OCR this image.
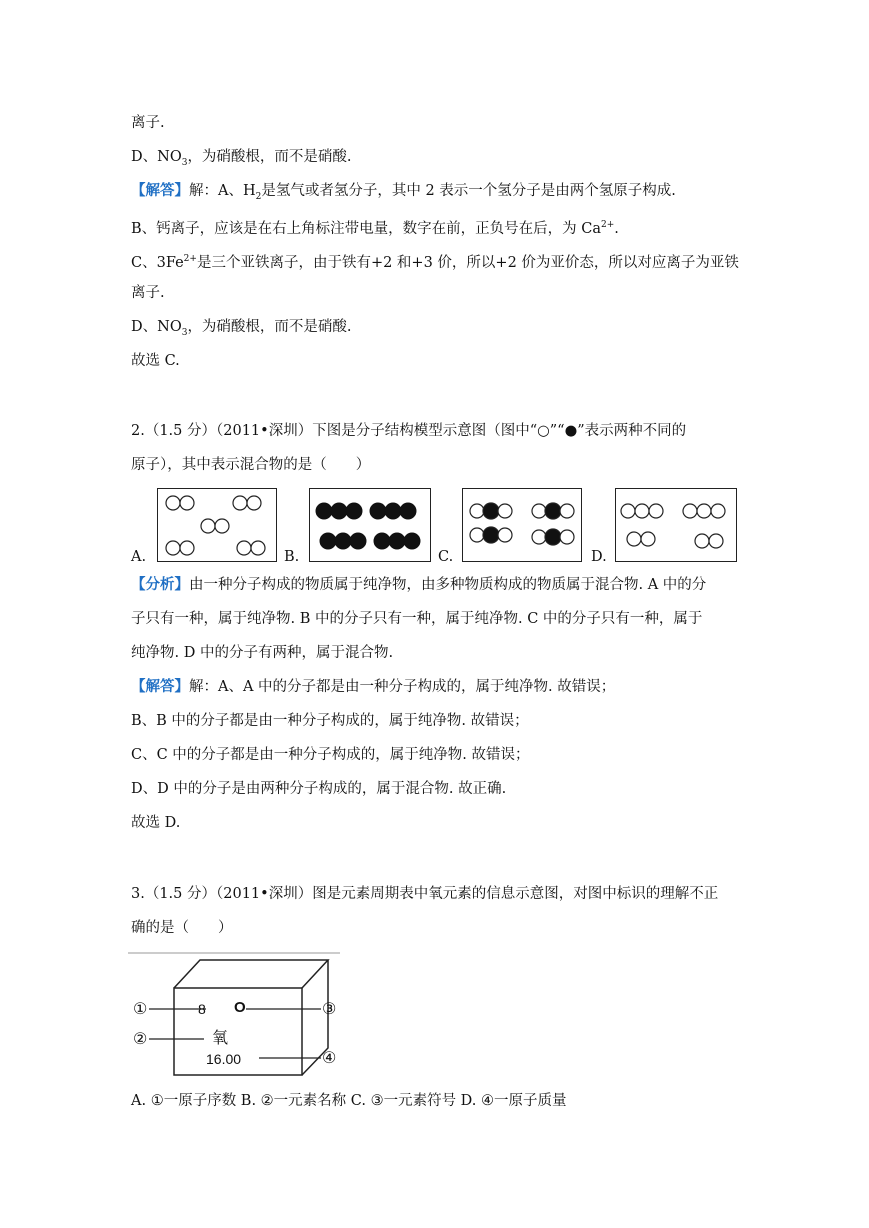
离子.
D、$NO_3$，为硝酸根，而不是硝酸.
【解答】解：A、$H_2$是氢气或者氢分子，其中 2 表示一个氢分子是由两个氢原子构成.
B、钙离子，应该是在右上角标注带电量，数字在前，正负号在后，为 $Ca^{2+}$.
C、$3Fe^{2+}$是三个亚铁离子，由于铁有+2 和+3 价，所以+2 价为亚价态，所以对应离子为亚铁
离子.
D、$NO_3$，为硝酸根，而不是硝酸.
故选 C.
2.（1.5 分）（2011•深圳）下图是分子结构模型示意图（图中“○”“●”表示两种不同的
原子），其中表示混合物的是（　　）
A.	B.	C.	D.
【分析】由一种分子构成的物质属于纯净物，由多种物质构成的物质属于混合物. A 中的分
子只有一种，属于纯净物. B 中的分子只有一种，属于纯净物. C 中的分子只有一种，属于
纯净物. D 中的分子有两种，属于混合物.
【解答】解：A、A 中的分子都是由一种分子构成的，属于纯净物. 故错误；
B、B 中的分子都是由一种分子构成的，属于纯净物. 故错误；
C、C 中的分子都是由一种分子构成的，属于纯净物. 故错误；
D、D 中的分子是由两种分子构成的，属于混合物. 故正确.
故选 D.
3.（1.5 分）（2011•深圳）图是元素周期表中氧元素的信息示意图，对图中标识的理解不正
确的是（　　）
①
②
③
④
8 O
氧
16.00
A. ①一原子序数 B. ②一元素名称 C. ③一元素符号 D. ④一原子质量
